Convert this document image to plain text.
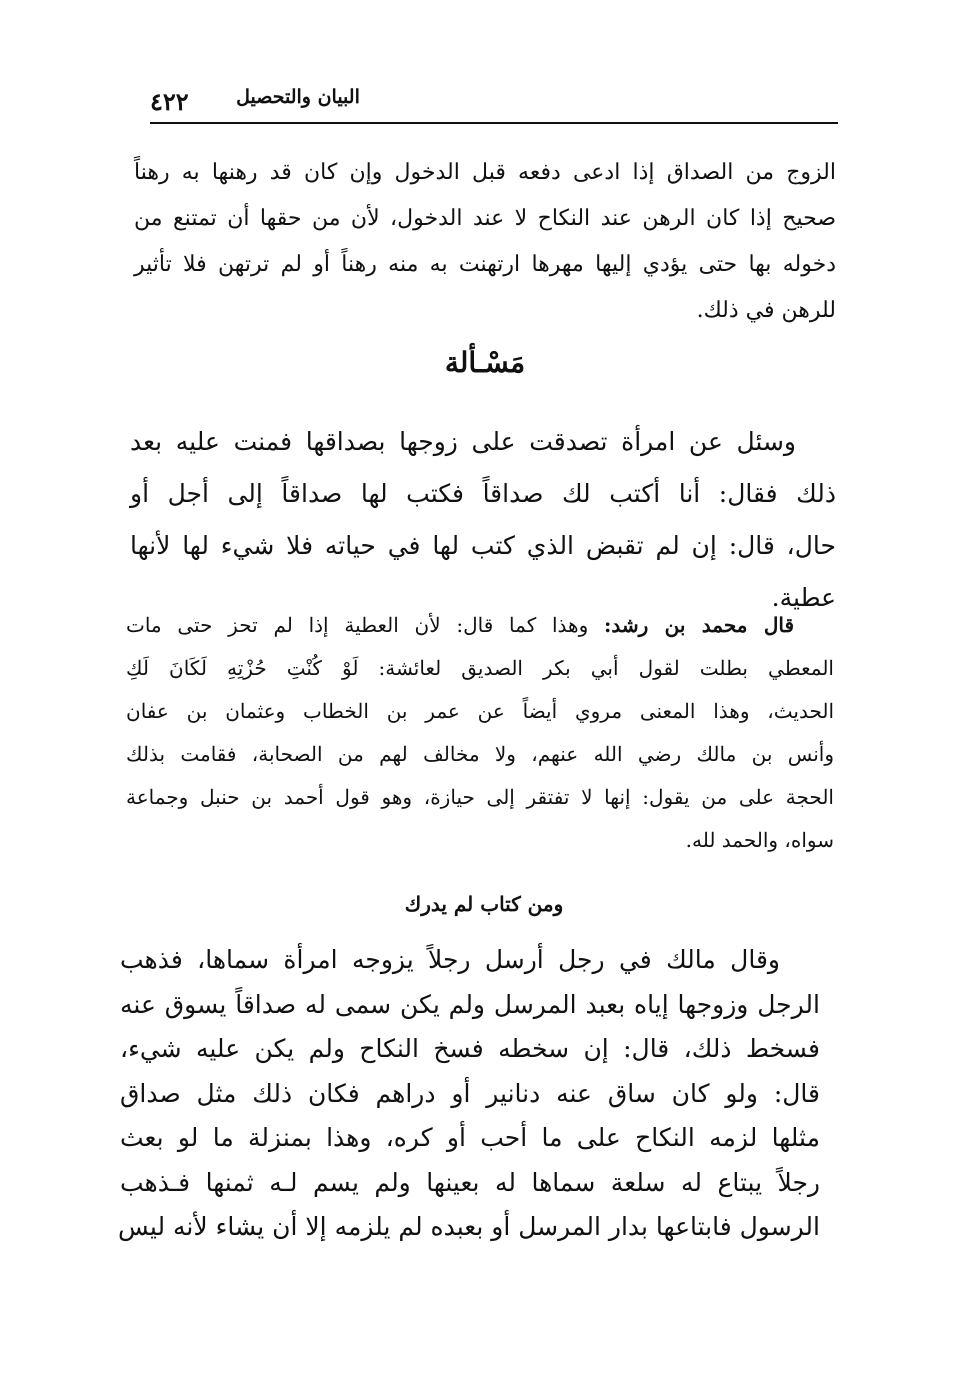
٤٢٢	البيان والتحصيل
الزوج من الصداق إذا ادعى دفعه قبل الدخول وإن كان قد رهنها به رهناً
صحيح إذا كان الرهن عند النكاح لا عند الدخول، لأن من حقها أن تمتنع من
دخوله بها حتى يؤدي إليها مهرها ارتهنت به منه رهناً أو لم ترتهن فلا تأثير
للرهن في ذلك.
مَسْـألة
وسئل عن امرأة تصدقت على زوجها بصداقها فمنت عليه بعد
ذلك فقال: أنا أكتب لك صداقاً فكتب لها صداقاً إلى أجل أو
حال، قال: إن لم تقبض الذي كتب لها في حياته فلا شيء لها لأنها
عطية.
قال محمد بن رشد: وهذا كما قال: لأن العطية إذا لم تحز حتى مات
المعطي بطلت لقول أبي بكر الصديق لعائشة: لَوْ كُنْتِ حُزْتِهِ لَكَانَ لَكِ
الحديث، وهذا المعنى مروي أيضاً عن عمر بن الخطاب وعثمان بن عفان
وأنس بن مالك رضي الله عنهم، ولا مخالف لهم من الصحابة، فقامت بذلك
الحجة على من يقول: إنها لا تفتقر إلى حيازة، وهو قول أحمد بن حنبل وجماعة
سواه، والحمد لله.
ومن كتاب لم يدرك
وقال مالك في رجل أرسل رجلاً يزوجه امرأة سماها، فذهب
الرجل وزوجها إياه بعبد المرسل ولم يكن سمى له صداقاً يسوق عنه
فسخط ذلك، قال: إن سخطه فسخ النكاح ولم يكن عليه شيء،
قال: ولو كان ساق عنه دنانير أو دراهم فكان ذلك مثل صداق
مثلها لزمه النكاح على ما أحب أو كره، وهذا بمنزلة ما لو بعث
رجلاً يبتاع له سلعة سماها له بعينها ولم يسم لـه ثمنها فـذهب
الرسول فابتاعها بدار المرسل أو بعبده لم يلزمه إلا أن يشاء لأنه ليس
